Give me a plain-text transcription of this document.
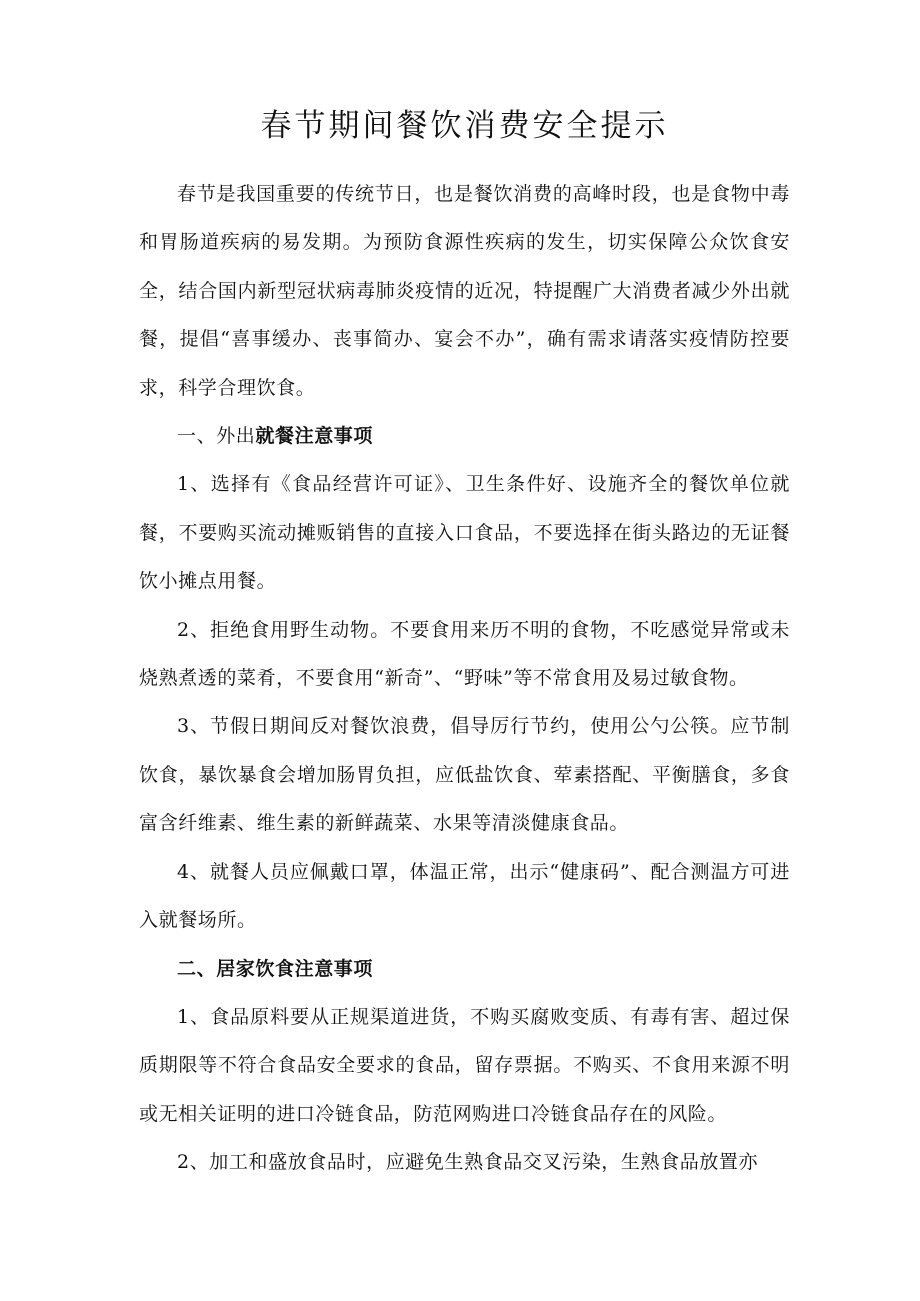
春节期间餐饮消费安全提示

春节是我国重要的传统节日，也是餐饮消费的高峰时段，也是食物中毒和胃肠道疾病的易发期。为预防食源性疾病的发生，切实保障公众饮食安全，结合国内新型冠状病毒肺炎疫情的近况，特提醒广大消费者减少外出就餐，提倡“喜事缓办、丧事简办、宴会不办”，确有需求请落实疫情防控要求，科学合理饮食。

一、外出就餐注意事项

1、选择有《食品经营许可证》、卫生条件好、设施齐全的餐饮单位就餐，不要购买流动摊贩销售的直接入口食品，不要选择在街头路边的无证餐饮小摊点用餐。

2、拒绝食用野生动物。不要食用来历不明的食物，不吃感觉异常或未烧熟煮透的菜肴，不要食用“新奇”、“野味”等不常食用及易过敏食物。

3、节假日期间反对餐饮浪费，倡导厉行节约，使用公勺公筷。应节制饮食，暴饮暴食会增加肠胃负担，应低盐饮食、荤素搭配、平衡膳食，多食富含纤维素、维生素的新鲜蔬菜、水果等清淡健康食品。

4、就餐人员应佩戴口罩，体温正常，出示“健康码”、配合测温方可进入就餐场所。

二、居家饮食注意事项

1、食品原料要从正规渠道进货，不购买腐败变质、有毒有害、超过保质期限等不符合食品安全要求的食品，留存票据。不购买、不食用来源不明或无相关证明的进口冷链食品，防范网购进口冷链食品存在的风险。

2、加工和盛放食品时，应避免生熟食品交叉污染，生熟食品放置亦
